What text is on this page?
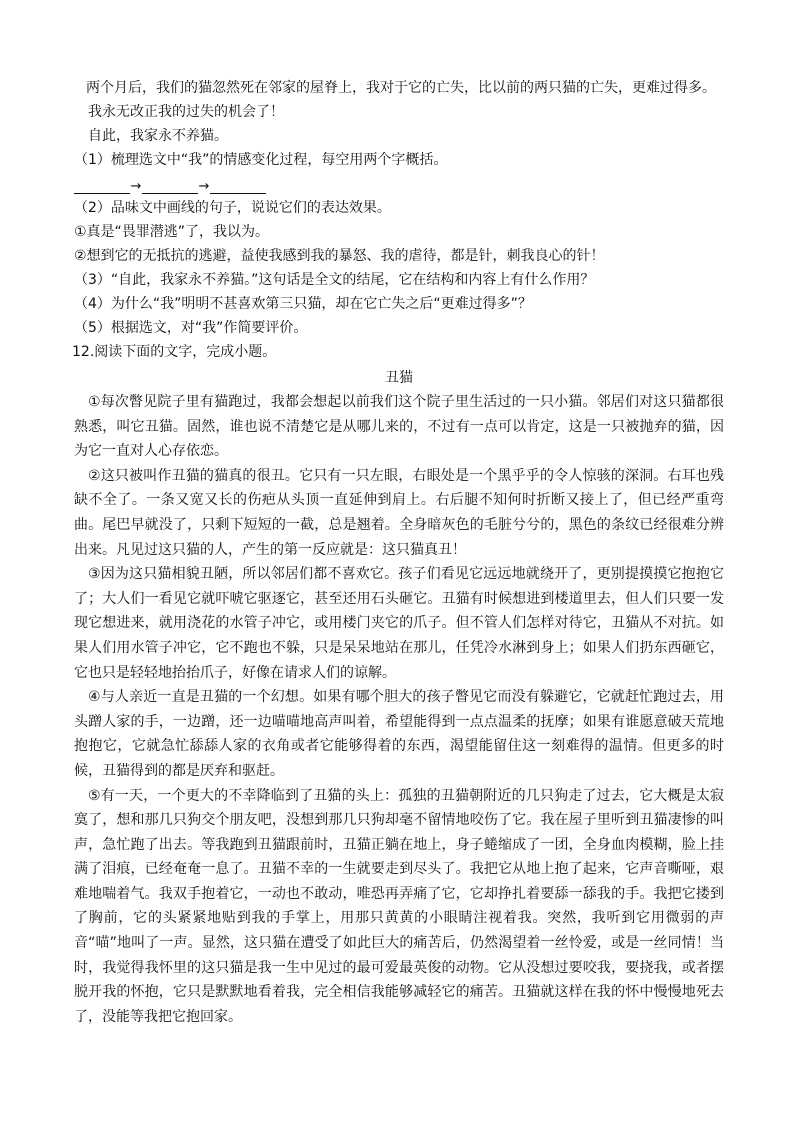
两个月后，我们的猫忽然死在邻家的屋脊上，我对于它的亡失，比以前的两只猫的亡失，更难过得多。
我永无改正我的过失的机会了！
自此，我家永不养猫。
（1）梳理选文中“我”的情感变化过程，每空用两个字概括。
→	→
（2）品味文中画线的句子，说说它们的表达效果。
①真是“畏罪潜逃”了，我以为。
②想到它的无抵抗的逃避，益使我感到我的暴怒、我的虐待，都是针，刺我良心的针！
（3）“自此，我家永不养猫。”这句话是全文的结尾，它在结构和内容上有什么作用？
（4）为什么“我”明明不甚喜欢第三只猫，却在它亡失之后“更难过得多”？
（5）根据选文，对“我”作简要评价。
12.阅读下面的文字，完成小题。
丑猫

①每次瞥见院子里有猫跑过，我都会想起以前我们这个院子里生活过的一只小猫。邻居们对这只猫都很熟悉，叫它丑猫。固然，谁也说不清楚它是从哪儿来的，不过有一点可以肯定，这是一只被抛弃的猫，因为它一直对人心存依恋。

②这只被叫作丑猫的猫真的很丑。它只有一只左眼，右眼处是一个黑乎乎的令人惊骇的深洞。右耳也残缺不全了。一条又宽又长的伤疤从头顶一直延伸到肩上。右后腿不知何时折断又接上了，但已经严重弯曲。尾巴早就没了，只剩下短短的一截，总是翘着。全身暗灰色的毛脏兮兮的，黑色的条纹已经很难分辨出来。凡见过这只猫的人，产生的第一反应就是：这只猫真丑！

③因为这只猫相貌丑陋，所以邻居们都不喜欢它。孩子们看见它远远地就绕开了，更别提摸摸它抱抱它了；大人们一看见它就吓唬它驱逐它，甚至还用石头砸它。丑猫有时候想进到楼道里去，但人们只要一发现它想进来，就用浇花的水管子冲它，或用楼门夹它的爪子。但不管人们怎样对待它，丑猫从不对抗。如果人们用水管子冲它，它不跑也不躲，只是呆呆地站在那儿，任凭冷水淋到身上；如果人们扔东西砸它，它也只是轻轻地抬抬爪子，好像在请求人们的谅解。

④与人亲近一直是丑猫的一个幻想。如果有哪个胆大的孩子瞥见它而没有躲避它，它就赶忙跑过去，用头蹭人家的手，一边蹭，还一边喵喵地高声叫着，希望能得到一点点温柔的抚摩；如果有谁愿意破天荒地抱抱它，它就急忙舔舔人家的衣角或者它能够得着的东西，渴望能留住这一刻难得的温情。但更多的时候，丑猫得到的都是厌弃和驱赶。

⑤有一天，一个更大的不幸降临到了丑猫的头上：孤独的丑猫朝附近的几只狗走了过去，它大概是太寂寞了，想和那几只狗交个朋友吧，没想到那几只狗却毫不留情地咬伤了它。我在屋子里听到丑猫凄惨的叫声，急忙跑了出去。等我跑到丑猫跟前时，丑猫正躺在地上，身子蜷缩成了一团，全身血肉模糊，脸上挂满了泪痕，已经奄奄一息了。丑猫不幸的一生就要走到尽头了。我把它从地上抱了起来，它声音嘶哑，艰难地喘着气。我双手抱着它，一动也不敢动，唯恐再弄痛了它，它却挣扎着要舔一舔我的手。我把它搂到了胸前，它的头紧紧地贴到我的手掌上，用那只黄黄的小眼睛注视着我。突然，我听到它用微弱的声音“喵”地叫了一声。显然，这只猫在遭受了如此巨大的痛苦后，仍然渴望着一丝怜爱，或是一丝同情！当时，我觉得我怀里的这只猫是我一生中见过的最可爱最英俊的动物。它从没想过要咬我，要挠我，或者摆脱开我的怀抱，它只是默默地看着我，完全相信我能够减轻它的痛苦。丑猫就这样在我的怀中慢慢地死去了，没能等我把它抱回家。
